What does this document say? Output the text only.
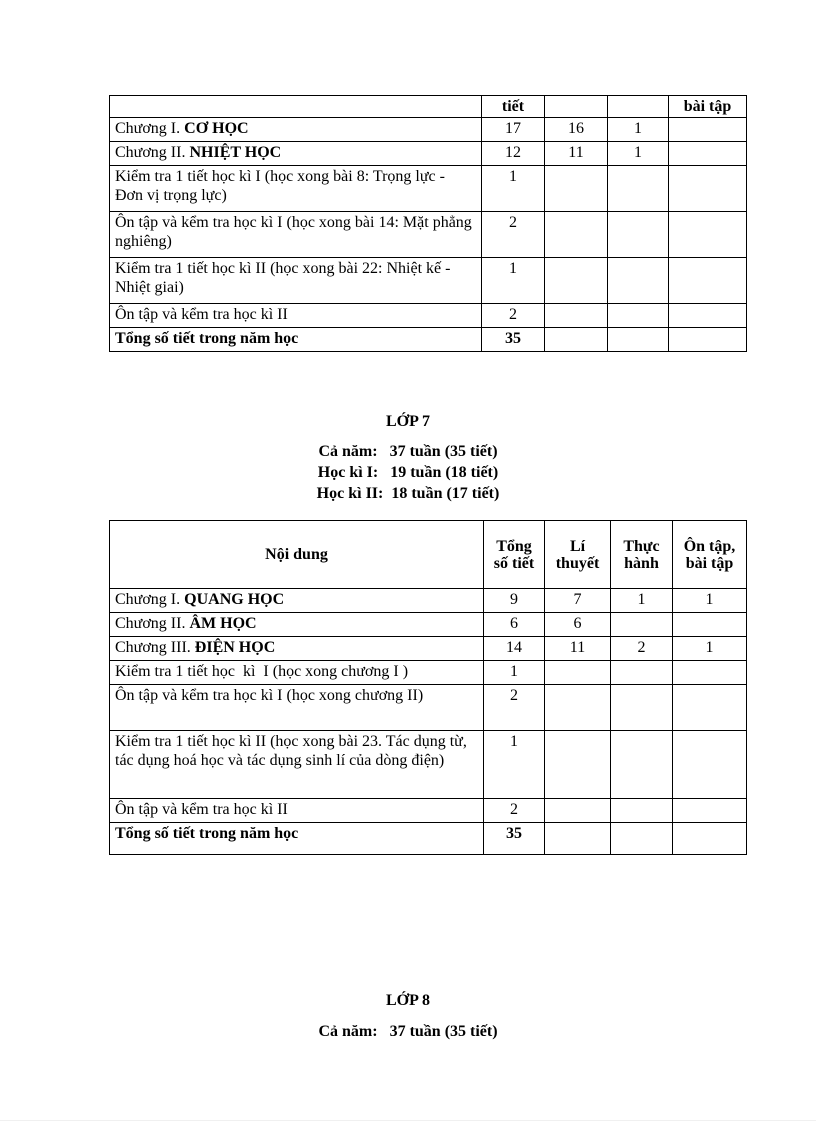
	tiết			bài tập
Chương I. CƠ HỌC	17	16	1	
Chương II. NHIỆT HỌC	12	11	1	
Kiểm tra 1 tiết học kì I (học xong bài 8: Trọng lực - Đơn vị trọng lực)	1			
Ôn tập và kểm tra học kì I (học xong bài 14: Mặt phẳng nghiêng)	2			
Kiểm tra 1 tiết học kì II (học xong bài 22: Nhiệt kế - Nhiệt giai)	1			
Ôn tập và kểm tra học kì II	2			
Tổng số tiết trong năm học	35			
LỚP 7
Cả năm:   37 tuần (35 tiết)
Học kì I:   19 tuần (18 tiết)
Học kì II:  18 tuần (17 tiết)
Nội dung	Tổng số tiết	Lí thuyết	Thực hành	Ôn tập, bài tập
Chương I. QUANG HỌC	9	7	1	1
Chương II. ÂM HỌC	6	6		
Chương III. ĐIỆN HỌC	14	11	2	1
Kiểm tra 1 tiết học  kì  I (học xong chương I )	1			
Ôn tập và kểm tra học kì I (học xong chương II)	2			
Kiểm tra 1 tiết học kì II (học xong bài 23. Tác dụng từ, tác dụng hoá học và tác dụng sinh lí của dòng điện)	1			
Ôn tập và kểm tra học kì II	2			
Tổng số tiết trong năm học	35			
LỚP 8
Cả năm:   37 tuần (35 tiết)
